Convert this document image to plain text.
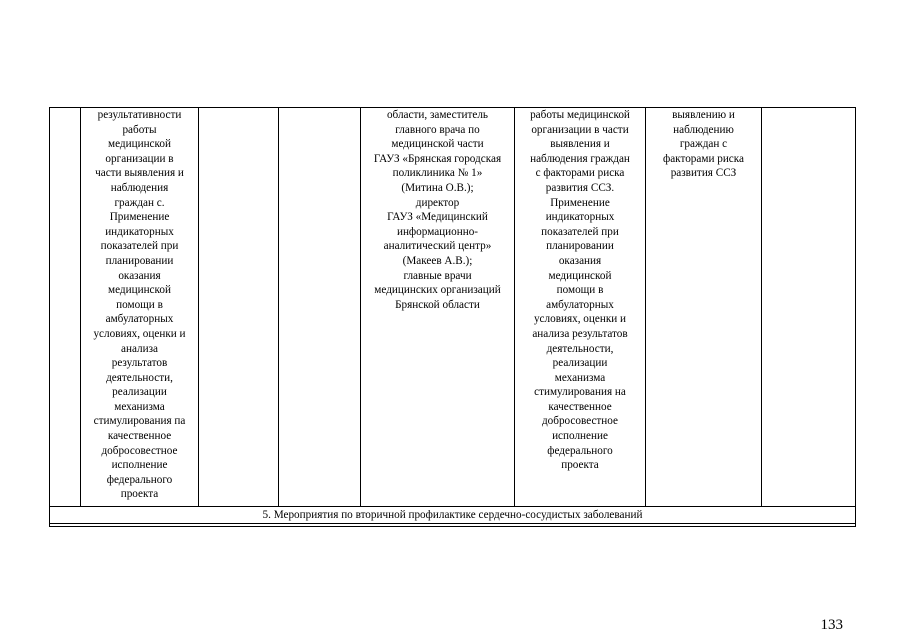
	результативности
работы
медицинской
организации в
части выявления и
наблюдения
граждан с.
Применение
индикаторных
показателей при
планировании
оказания
медицинской
помощи в
амбулаторных
условиях, оценки и
анализа
результатов
деятельности,
реализации
механизма
стимулирования па
качественное
добросовестное
исполнение
федерального
проекта			области, заместитель
главного врача по
медицинской части
ГАУЗ «Брянская городская
поликлиника № 1»
(Митина О.В.);
директор
ГАУЗ «Медицинский
информационно-
аналитический центр»
(Макеев А.В.);
главные врачи
медицинских организаций
Брянской области	работы медицинской
организации в части
выявления и
наблюдения граждан
с факторами риска
развития ССЗ.
Применение
индикаторных
показателей при
планировании
оказания
медицинской
помощи в
амбулаторных
условиях, оценки и
анализа результатов
деятельности,
реализации
механизма
стимулирования на
качественное
добросовестное
исполнение
федерального
проекта	выявлению и
наблюдению
граждан с
факторами риска
развития ССЗ	
5. Мероприятия по вторичной профилактике сердечно-сосудистых заболеваний

133
